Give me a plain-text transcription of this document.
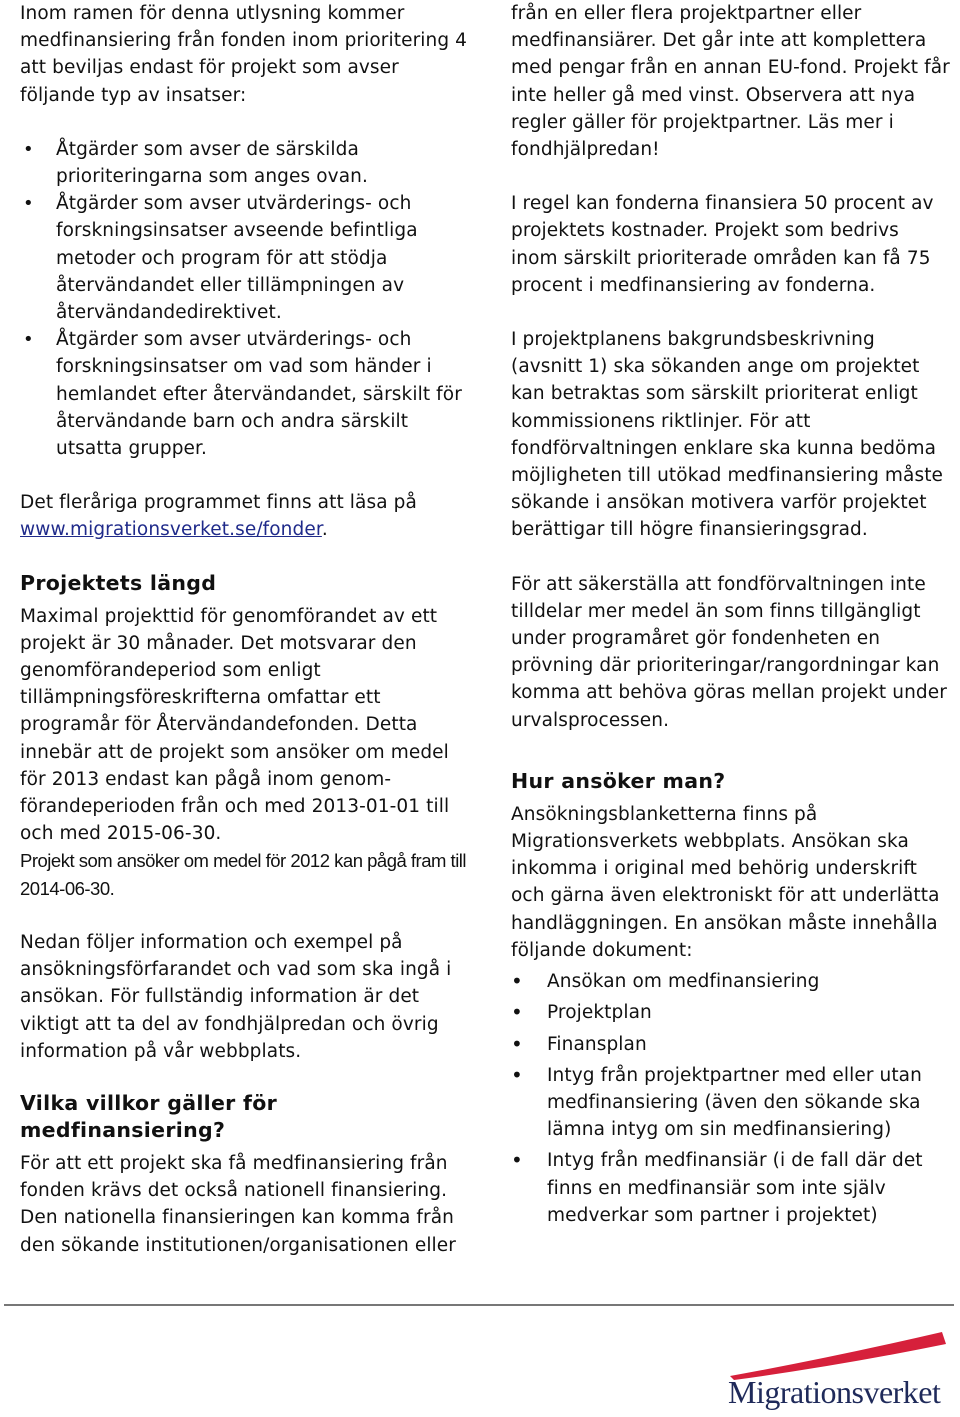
Inom ramen för denna utlysning kommer medfinansiering från fonden inom prioritering 4 att beviljas endast för projekt som avser följande typ av insatser:

• Åtgärder som avser de särskilda prioriteringarna som anges ovan.
• Åtgärder som avser utvärderings- och forskningsinsatser avseende befintliga metoder och program för att stödja återvändandet eller tillämpningen av återvändandedirektivet.
• Åtgärder som avser utvärderings- och forskningsinsatser om vad som händer i hemlandet efter återvändandet, särskilt för återvändande barn och andra särskilt utsatta grupper.

Det fleråriga programmet finns att läsa på www.migrationsverket.se/fonder.

Projektets längd

Maximal projekttid för genomförandet av ett projekt är 30 månader. Det motsvarar den genomförandeperiod som enligt tillämpningsföreskrifterna omfattar ett programår för Återvändandefonden. Detta innebär att de projekt som ansöker om medel för 2013 endast kan pågå inom genom-förandeperioden från och med 2013-01-01 till och med 2015-06-30.

Projekt som ansöker om medel för 2012 kan pågå fram till 2014-06-30.

Nedan följer information och exempel på ansökningsförfarandet och vad som ska ingå i ansökan. För fullständig information är det viktigt att ta del av fondhjälpredan och övrig information på vår webbplats.

Vilka villkor gäller för medfinansiering?

För att ett projekt ska få medfinansiering från fonden krävs det också nationell finansiering. Den nationella finansieringen kan komma från den sökande institutionen/organisationen eller

från en eller flera projektpartner eller medfinansiärer. Det går inte att komplettera med pengar från en annan EU-fond. Projekt får inte heller gå med vinst. Observera att nya regler gäller för projektpartner. Läs mer i fondhjälpredan!

I regel kan fonderna finansiera 50 procent av projektets kostnader. Projekt som bedrivs inom särskilt prioriterade områden kan få 75 procent i medfinansiering av fonderna.

I projektplanens bakgrundsbeskrivning (avsnitt 1) ska sökanden ange om projektet kan betraktas som särskilt prioriterat enligt kommissionens riktlinjer. För att fondförvaltningen enklare ska kunna bedöma möjligheten till utökad medfinansiering måste sökande i ansökan motivera varför projektet berättigar till högre finansieringsgrad.

För att säkerställa att fondförvaltningen inte tilldelar mer medel än som finns tillgängligt under programåret gör fondenheten en prövning där prioriteringar/rangordningar kan komma att behöva göras mellan projekt under urvalsprocessen.

Hur ansöker man?

Ansökningsblanketterna finns på Migrationsverkets webbplats. Ansökan ska inkomma i original med behörig underskrift och gärna även elektroniskt för att underlätta handläggningen. En ansökan måste innehålla följande dokument:

• Ansökan om medfinansiering
• Projektplan
• Finansplan
• Intyg från projektpartner med eller utan medfinansiering (även den sökande ska lämna intyg om sin medfinansiering)
• Intyg från medfinansiär (i de fall där det finns en medfinansiär som inte själv medverkar som partner i projektet)
Migrationsverket
